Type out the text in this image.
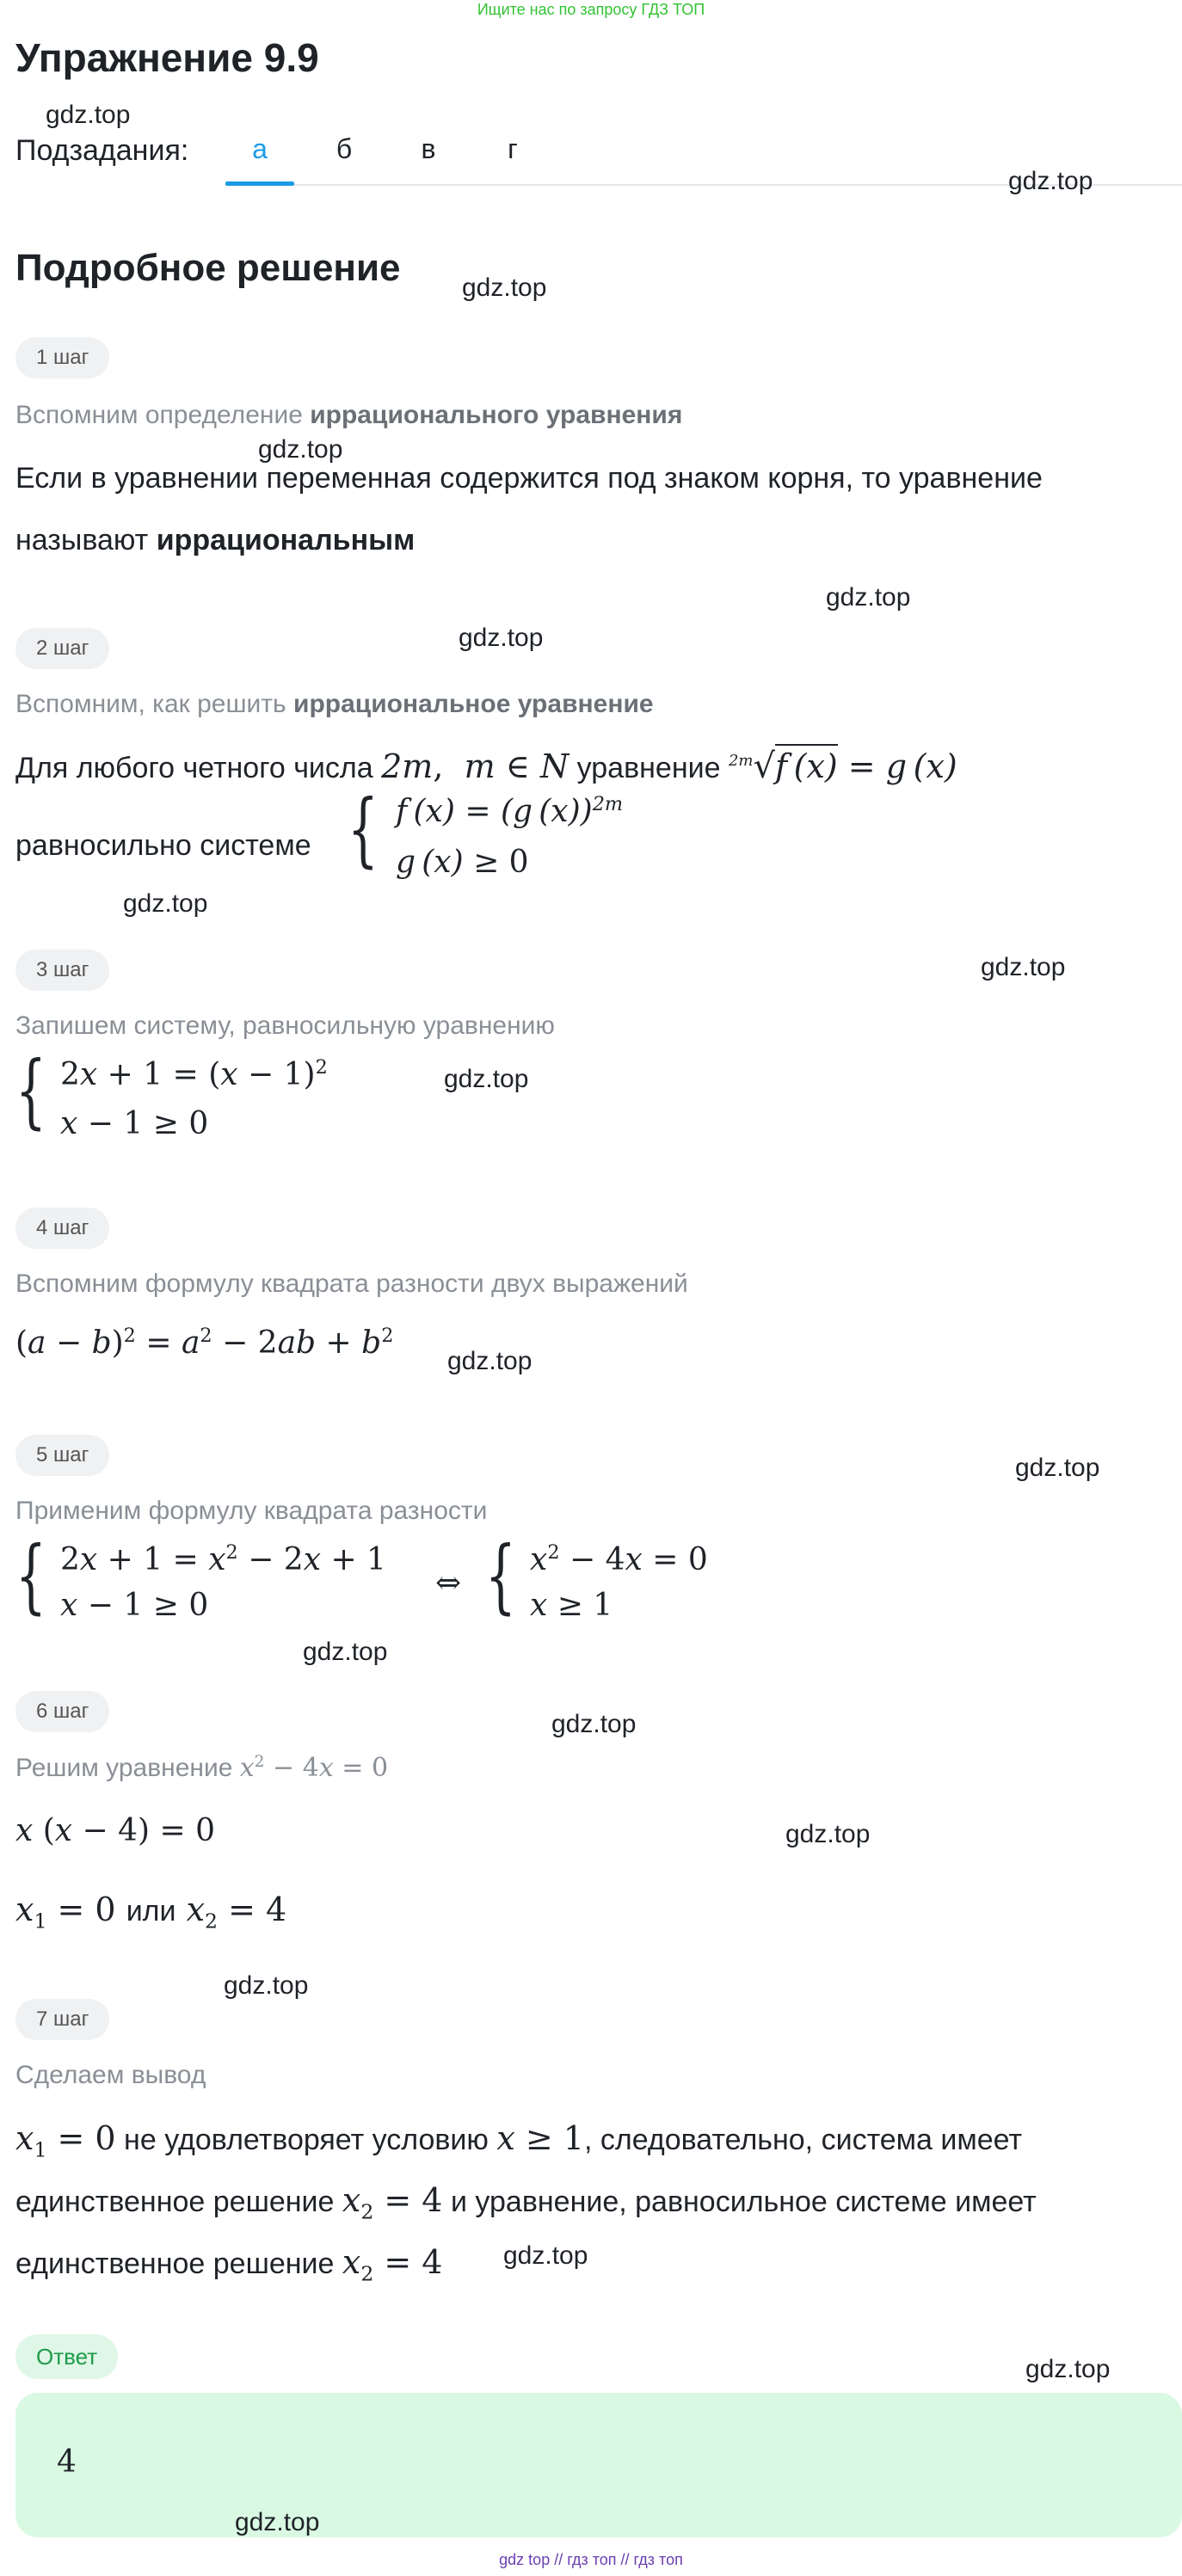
Ищите нас по запросу ГДЗ ТОП
Упражнение 9.9
gdz.top
Подзадания:	а	б	в	г
gdz.top
Подробное решение gdz.top
1 шаг
Вспомним определение иррационального уравнения
gdz.top
Если в уравнении переменная содержится под знаком корня, то уравнение
называют иррациональным
gdz.top
2 шаг	gdz.top
Вспомним, как решить иррациональное уравнение
Для любого четного числа 2m,  m ∈ N уравнение $^{2m}$√f (x) = g (x)
равносильно системе { f (x) = (g (x))$^{2m}$
g (x) ≥ 0
gdz.top
3 шаг	gdz.top
Запишем систему, равносильную уравнению
{ $2x + 1 = (x - 1)^2$
x − 1 ≥ 0
gdz.top
4 шаг
Вспомним формулу квадрата разности двух выражений
$(a - b)^2 = a^2 - 2ab + b^2$
gdz.top
5 шаг	gdz.top
Применим формулу квадрата разности
{ $2x + 1 = x^2 - 2x + 1$
x − 1 ≥ 0
⇔ { $x^2 - 4x = 0$
x ≥ 1
gdz.top
6 шаг	gdz.top
Решим уравнение $x^2 - 4x = 0$
x (x − 4) = 0	gdz.top
$x_1 = 0$ или $x_2 = 4$
gdz.top
7 шаг
Сделаем вывод
$x_1 = 0$ не удовлетворяет условию x ≥ 1, следовательно, система имеет
единственное решение $x_2 = 4$ и уравнение, равносильное системе имеет
единственное решение $x_2 = 4$ gdz.top
Ответ	gdz.top
4
gdz.top
gdz top // гдз топ // гдз топ
